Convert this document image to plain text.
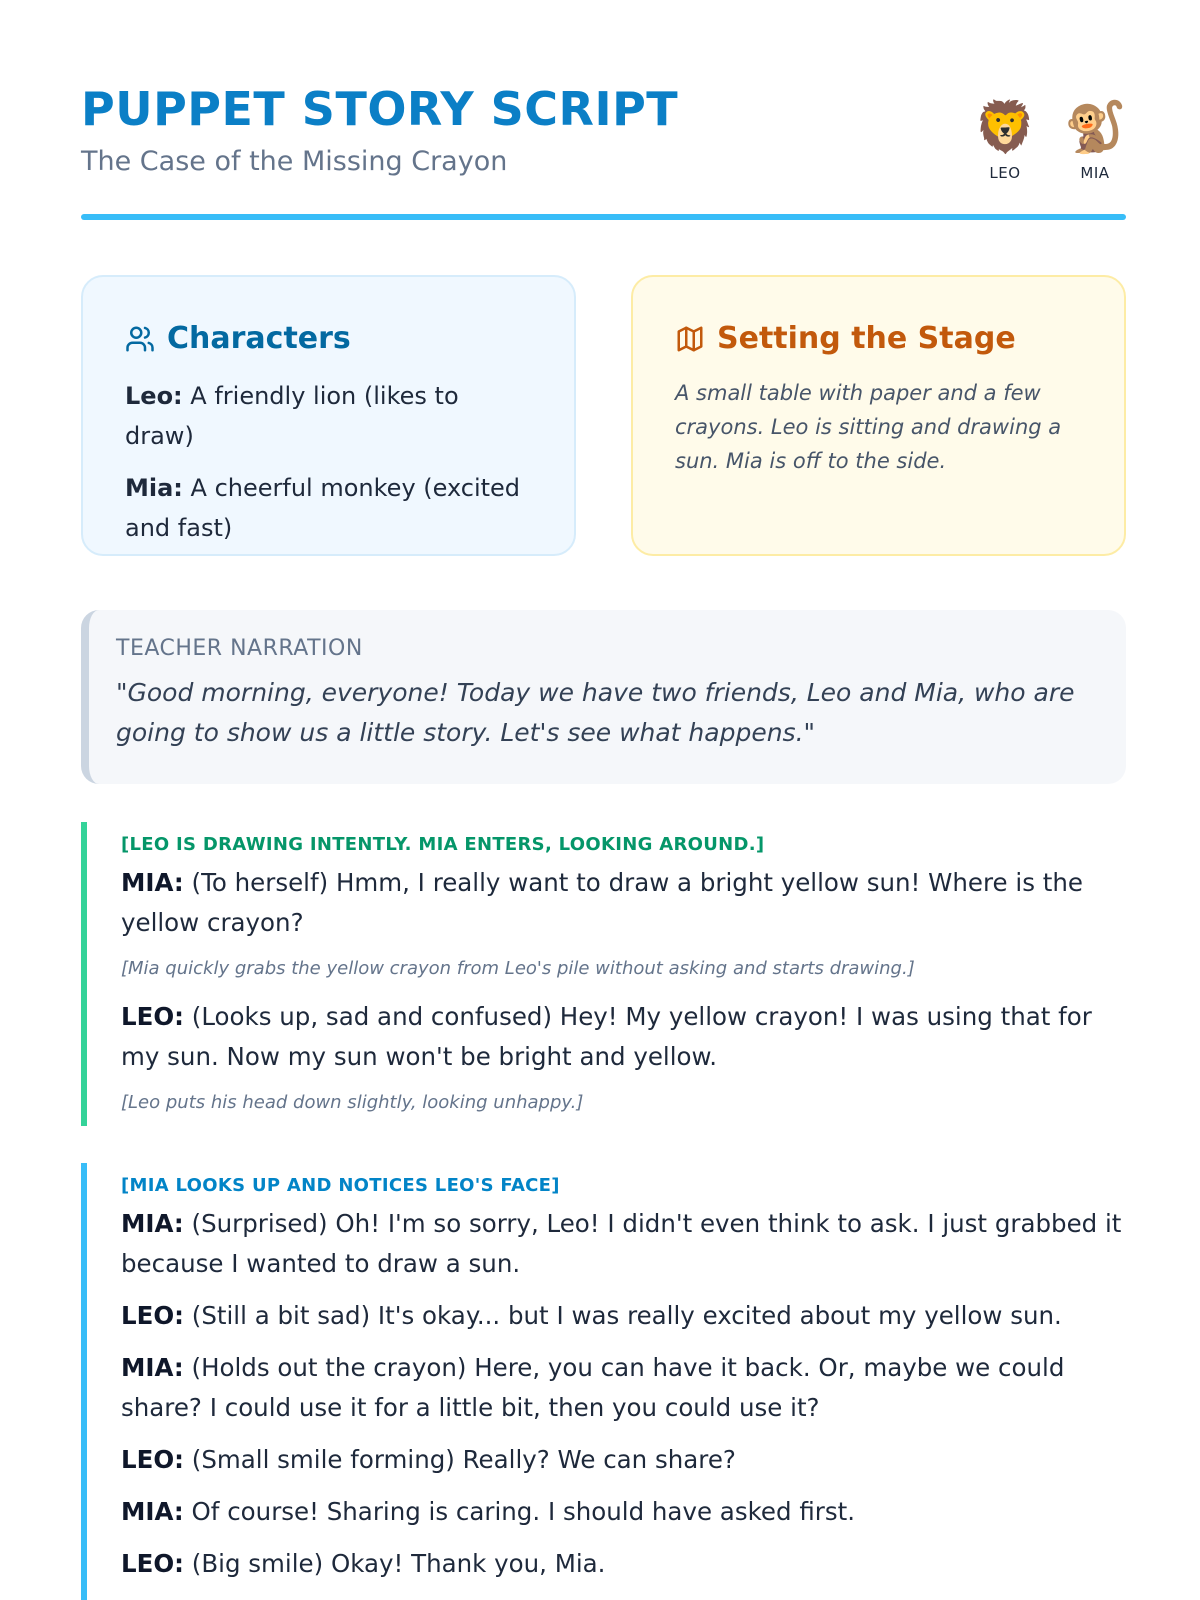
PUPPET STORY SCRIPT
The Case of the Missing Crayon
🦁
LEO
🐒
MIA
Characters
Leo: A friendly lion (likes to draw)
Mia: A cheerful monkey (excited and fast)
Setting the Stage
A small table with paper and a few crayons. Leo is sitting and drawing a sun. Mia is off to the side.
TEACHER NARRATION
"Good morning, everyone! Today we have two friends, Leo and Mia, who are going to show us a little story. Let's see what happens."
[LEO IS DRAWING INTENTLY. MIA ENTERS, LOOKING AROUND.]
MIA: (To herself) Hmm, I really want to draw a bright yellow sun! Where is the yellow crayon?
[Mia quickly grabs the yellow crayon from Leo's pile without asking and starts drawing.]
LEO: (Looks up, sad and confused) Hey! My yellow crayon! I was using that for my sun. Now my sun won't be bright and yellow.
[Leo puts his head down slightly, looking unhappy.]
[MIA LOOKS UP AND NOTICES LEO'S FACE]
MIA: (Surprised) Oh! I'm so sorry, Leo! I didn't even think to ask. I just grabbed it because I wanted to draw a sun.
LEO: (Still a bit sad) It's okay... but I was really excited about my yellow sun.
MIA: (Holds out the crayon) Here, you can have it back. Or, maybe we could share? I could use it for a little bit, then you could use it?
LEO: (Small smile forming) Really? We can share?
MIA: Of course! Sharing is caring. I should have asked first.
LEO: (Big smile) Okay! Thank you, Mia.
